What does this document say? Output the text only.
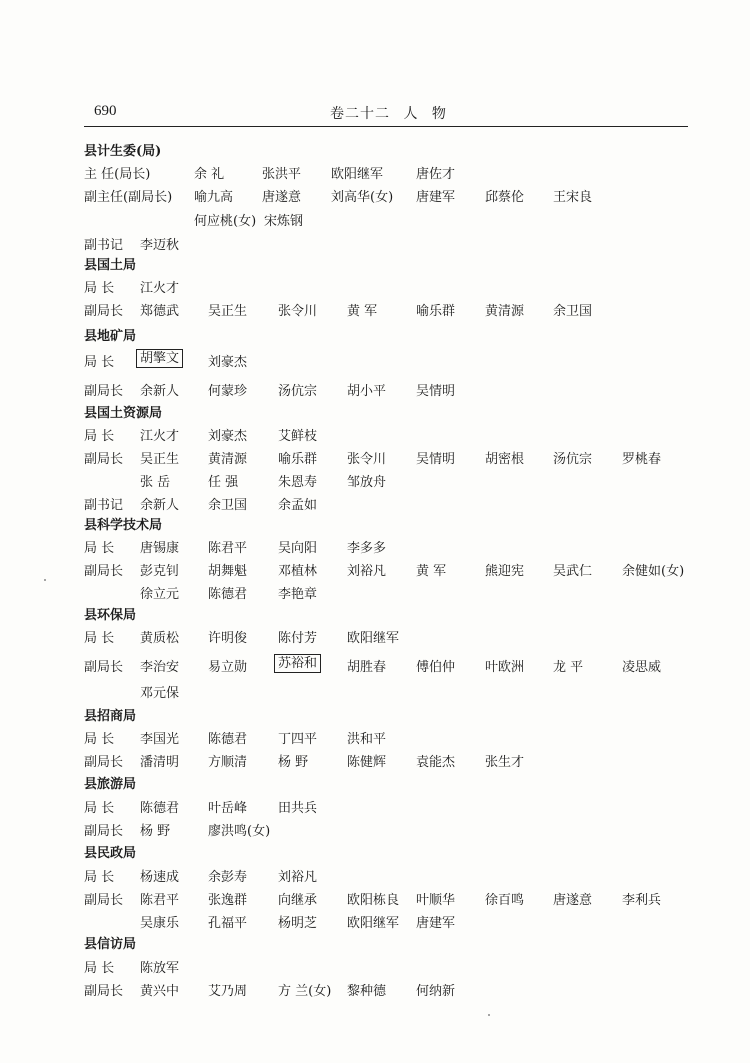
690	卷二十二 人 物
县计生委(局)
主 任(局长)	余 礼	张洪平 欧阳继军	唐佐才
副主任(副局长) 喻九高 唐遂意 刘高华(女) 唐建军 邱蔡伦 王宋良
何应桃(女) 宋炼钢
副书记 李迈秋
县国土局
局 长 江火才
副局长 郑德武 吴正生 张令川 黄 军	喻乐群 黄清源 余卫国
县地矿局
局 长	胡擎文	刘豪杰
副局长 余新人 何蒙珍 汤伉宗 胡小平 吴情明
县国土资源局
局 长 江火才 刘豪杰 艾鲜枝
副局长 吴正生 黄清源 喻乐群 张令川 吴情明 胡密根 汤伉宗 罗桃春
张 岳	任 强	朱恩寿 邹放舟
副书记 余新人 余卫国 余孟如
县科学技术局
局 长 唐锡康 陈君平 吴向阳 李多多
副局长 彭克钊 胡舞魁 邓植林 刘裕凡 黄 军	熊迎宪 吴武仁 余健如(女)
徐立元 陈德君 李艳章
县环保局
局 长 黄质松 许明俊 陈付芳 欧阳继军
副局长 李治安 易立勋	苏裕和	胡胜春 傅伯仲 叶欧洲 龙 平	凌思威
邓元保
县招商局
局 长 李国光 陈德君 丁四平 洪和平
副局长 潘清明 方顺清 杨 野	陈健辉 袁能杰 张生才
县旅游局
局 长 陈德君 叶岳峰 田共兵
副局长 杨 野	廖洪鸣(女)
县民政局
局 长 杨速成 余彭寿 刘裕凡
副局长 陈君平 张逸群 向继承 欧阳栋良 叶顺华 徐百鸣 唐遂意 李利兵
吴康乐 孔福平 杨明芝 欧阳继军 唐建军
县信访局
局 长 陈放军
副局长 黄兴中 艾乃周 方 兰(女) 黎种德 何纳新
